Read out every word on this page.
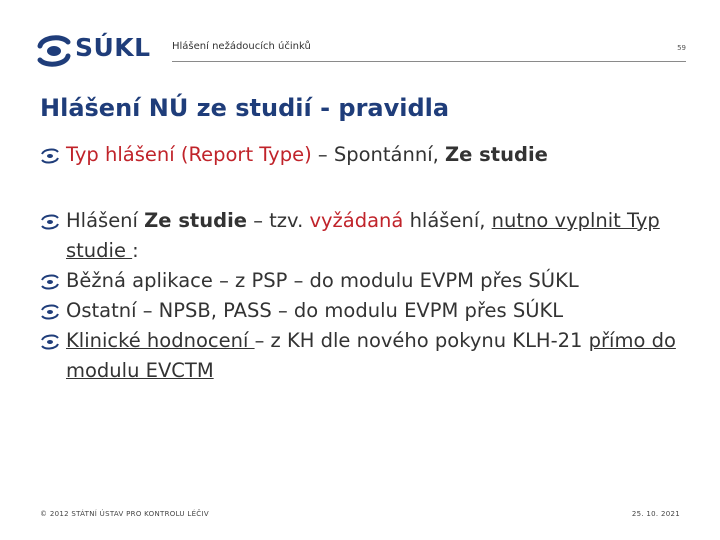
SÚKL Hlášení nežádoucích účinků	59
Hlášení NÚ ze studií - pravidla
Typ hlášení (Report Type) – Spontánní, Ze studie
Hlášení Ze studie – tzv. vyžádaná hlášení, nutno vyplnit Typ studie :
Běžná aplikace – z PSP – do modulu EVPM přes SÚKL
Ostatní – NPSB, PASS – do modulu EVPM přes SÚKL
Klinické hodnocení – z KH dle nového pokynu KLH-21 přímo do modulu EVCTM
© 2012 STÁTNÍ ÚSTAV PRO KONTROLU LÉČIV	25. 10. 2021
